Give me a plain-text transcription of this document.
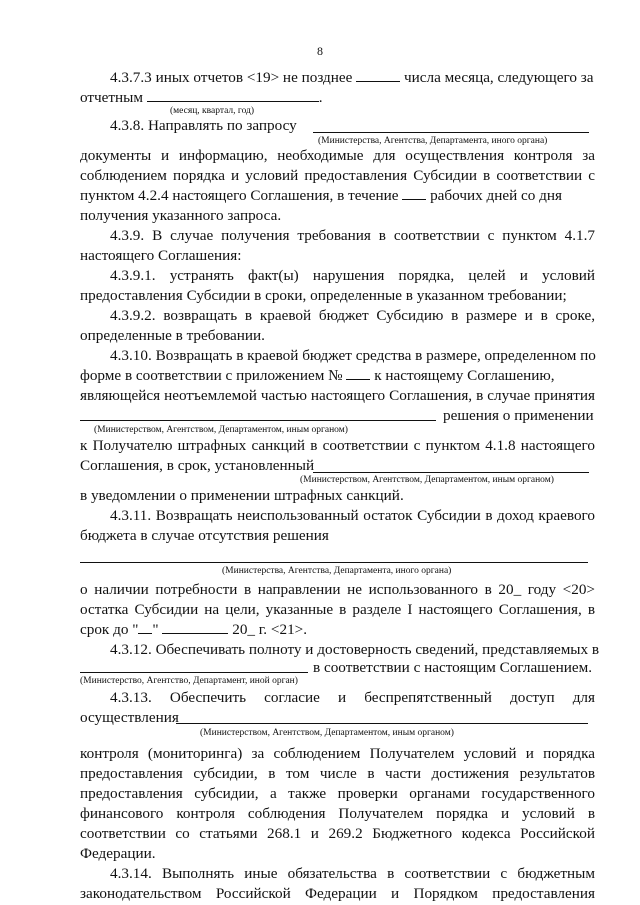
8
4.3.7.3 иных отчетов <19> не позднее	числа месяца, следующего за
отчетным	.
(месяц, квартал, год)
4.3.8. Направлять по запросу
(Министерства, Агентства, Департамента, иного органа)
документы и информацию, необходимые для осуществления контроля за
соблюдением порядка и условий предоставления Субсидии в соответствии с
пунктом 4.2.4 настоящего Соглашения, в течение рабочих дней со дня
получения указанного запроса.
4.3.9. В случае получения требования в соответствии с пунктом 4.1.7
настоящего Соглашения:
4.3.9.1. устранять факт(ы) нарушения порядка, целей и условий
предоставления Субсидии в сроки, определенные в указанном требовании;
4.3.9.2. возвращать в краевой бюджет Субсидию в размере и в сроке,
определенные в требовании.
4.3.10. Возвращать в краевой бюджет средства в размере, определенном по
форме в соответствии с приложением № к настоящему Соглашению,
являющейся неотъемлемой частью настоящего Соглашения, в случае принятия
решения о применении
(Министерством, Агентством, Департаментом, иным органом)
к Получателю штрафных санкций в соответствии с пунктом 4.1.8 настоящего
Соглашения, в срок, установленный
(Министерством, Агентством, Департаментом, иным органом)
в уведомлении о применении штрафных санкций.
4.3.11. Возвращать неиспользованный остаток Субсидии в доход краевого
бюджета в случае отсутствия решения
(Министерства, Агентства, Департамента, иного органа)
о наличии потребности в направлении не использованного в 20_ году <20>
остатка Субсидии на цели, указанные в разделе I настоящего Соглашения, в
срок до " "	20_ г. <21>.
4.3.12. Обеспечивать полноту и достоверность сведений, представляемых в
в соответствии с настоящим Соглашением.
(Министерство, Агентство, Департамент, иной орган)
4.3.13. Обеспечить согласие и беспрепятственный доступ для
осуществления
(Министерством, Агентством, Департаментом, иным органом)
контроля (мониторинга) за соблюдением Получателем условий и порядка
предоставления субсидии, в том числе в части достижения результатов
предоставления субсидии, а также проверки органами государственного
финансового контроля соблюдения Получателем порядка и условий в
соответствии со статьями 268.1 и 269.2 Бюджетного кодекса Российской
Федерации.
4.3.14. Выполнять иные обязательства в соответствии с бюджетным
законодательством Российской Федерации и Порядком предоставления
